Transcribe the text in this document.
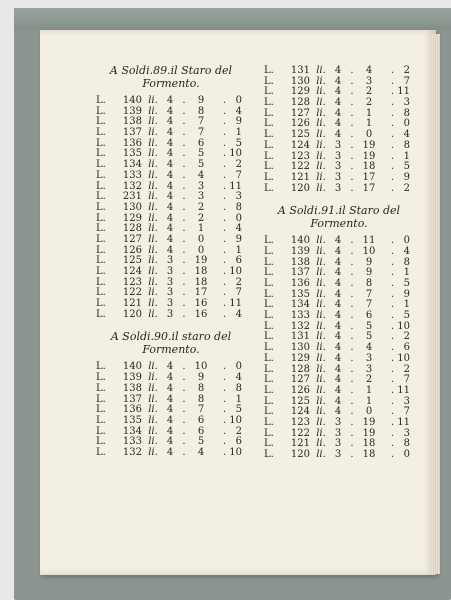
A Soldi.89.il Staro del
Formento.
L.	140 li. 4 .	9	. 0
L.	139 li. 4 .	8	. 4
L.	138 li. 4 .	7	. 9
L.	137 li. 4 .	7	. 1
L.	136 li. 4 .	6	. 5
L.	135 li. 4 .	5	. 10
L.	134 li. 4 .	5	. 2
L.	133 li. 4 .	4	. 7
L.	132 li. 4 .	3	. 11
L.	231 li. 4 .	3	. 3
L.	130 li. 4 .	2	. 8
L.	129 li. 4 .	2	. 0
L.	128 li. 4 .	1	. 4
L.	127 li. 4 .	0	. 9
L.	126 li. 4 .	0	. 1
L.	125 li. 3 . 19	. 6
L.	124 li. 3 . 18	. 10
L.	123 li. 3 . 18	. 2
L.	122 li. 3 . 17	. 7
L.	121 li. 3 . 16	. 11
L.	120 li. 3 . 16	. 4
A Soldi.90.il staro del
Formento.
L.	140 li. 4 . 10	. 0
L.	139 li. 4 .	9	. 4
L.	138 li. 4 .	8	. 8
L.	137 li. 4 .	8	. 1
L.	136 li. 4 .	7	. 5
L.	135 li. 4 .	6	. 10
L.	134 li. 4 .	6	. 2
L.	133 li. 4 .	5	. 6
L.	132 li. 4 .	4	. 10
L.	131 li. 4 .	4	. 2
L.	130 li. 4 .	3	. 7
L.	129 li. 4 .	2	. 11
L.	128 li. 4 .	2	. 3
L.	127 li. 4 .	1	. 8
L.	126 li. 4 .	1	. 0
L.	125 li. 4 .	0	. 4
L.	124 li. 3 . 19	. 8
L.	123 li. 3 . 19	. 1
L.	122 li. 3 . 18	. 5
L.	121 li. 3 . 17	. 9
L.	120 li. 3 . 17	. 2
A Soldi.91.il Staro del
Formento.
L.	140 li. 4 . 11	. 0
L.	139 li. 4 . 10	. 4
L.	138 li. 4 .	9	. 8
L.	137 li. 4 .	9	. 1
L.	136 li. 4 .	8	. 5
L.	135 li. 4 .	7	. 9
L.	134 li. 4 .	7	. 1
L.	133 li. 4 .	6	. 5
L.	132 li. 4 .	5	. 10
L.	131 li. 4 .	5	. 2
L.	130 li. 4 .	4	. 6
L.	129 li. 4 .	3	. 10
L.	128 li. 4 .	3	. 2
L.	127 li. 4 .	2	. 7
L.	126 li. 4 .	1	. 11
L.	125 li. 4 .	1	. 3
L.	124 li. 4 .	0	. 7
L.	123 li. 3 . 19	. 11
L.	122 li. 3 . 19	. 3
L.	121 li. 3 . 18	. 8
L.	120 li. 3 . 18	. 0
